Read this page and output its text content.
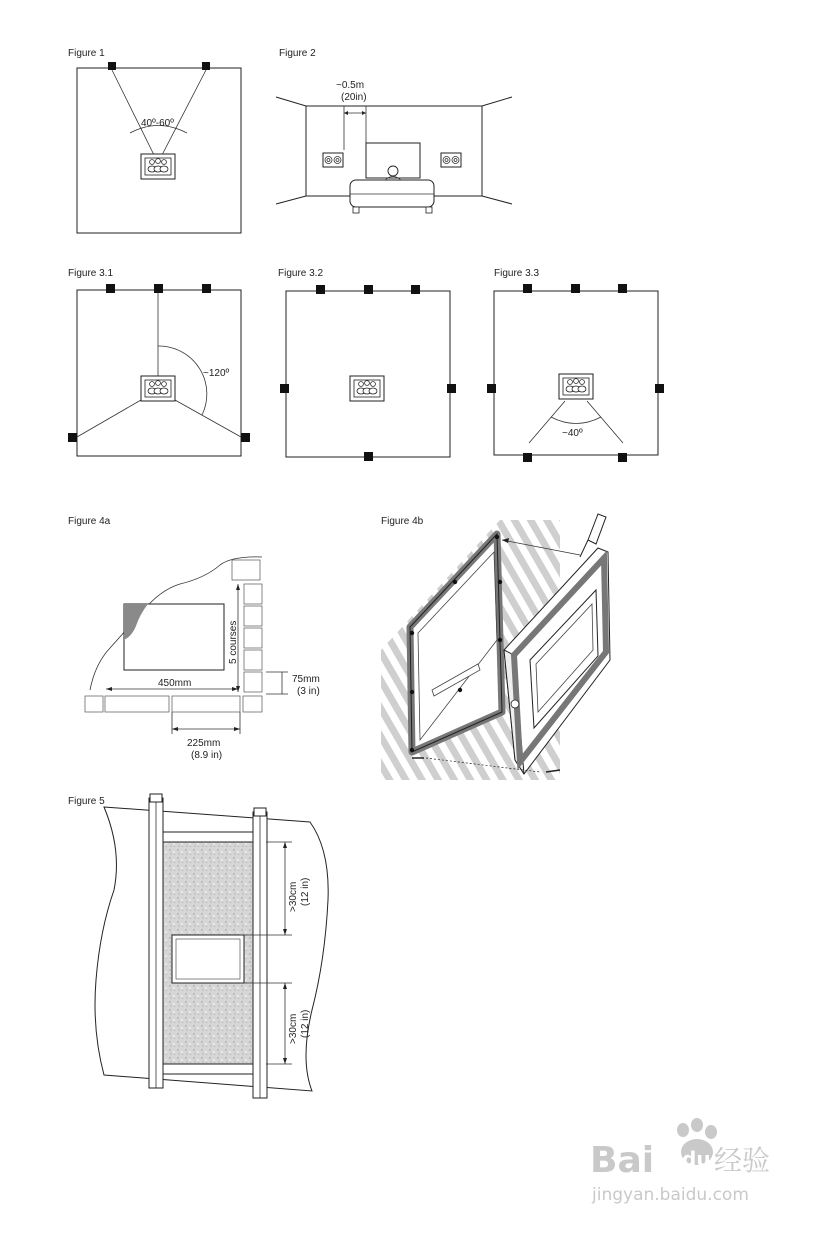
Figure 1
40º-60º
Figure 2
~0.5m
(20in)
Figure 3.1
~120º
Figure 3.2	Figure 3.3
~40º
Figure 4a
5 courses
450mm	75mm
(3 in)
225mm
(8.9 in)
Figure 4b
Figure 5
>30cm (12 in)
>30cm (12 in)
Bai du 经验
jingyan.baidu.com
